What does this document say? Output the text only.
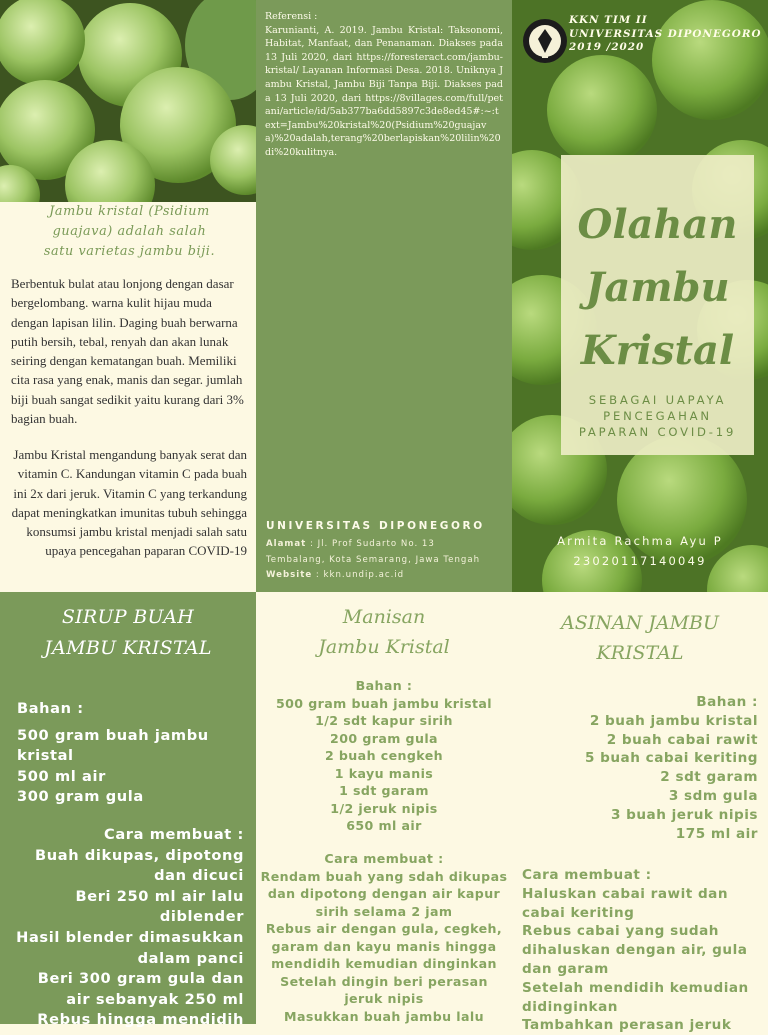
Jambu kristal (Psidium
guajava) adalah salah
satu varietas jambu biji.
Berbentuk bulat atau lonjong dengan dasar bergelombang. warna kulit hijau muda dengan lapisan lilin. Daging buah berwarna putih bersih, tebal, renyah dan akan lunak seiring dengan kematangan buah. Memiliki cita rasa yang enak, manis dan segar. jumlah biji buah sangat sedikit yaitu kurang dari 3% bagian buah.
Jambu Kristal mengandung banyak serat dan vitamin C. Kandungan vitamin C pada buah ini 2x dari jeruk. Vitamin C yang terkandung dapat meningkatkan imunitas tubuh sehingga konsumsi jambu kristal menjadi salah satu upaya pencegahan paparan COVID-19
Referensi :
Karunianti, A. 2019. Jambu Kristal: Taksonomi, Habitat, Manfaat, dan Penanaman. Diakses pada 13 Juli 2020, dari https://foresteract.com/jambu-kristal/ Layanan Informasi Desa. 2018. Uniknya Jambu Kristal, Jambu Biji Tanpa Biji. Diakses pada 13 Juli 2020, dari https://8villages.com/full/petani/article/id/5ab377ba6dd5897c3de8ed45#:~:text=Jambu%20kristal%20(Psidium%20guajava)%20adalah,terang%20berlapiskan%20lilin%20di%20kulitnya.
UNIVERSITAS DIPONEGORO
Alamat : Jl. Prof Sudarto No. 13
Tembalang, Kota Semarang, Jawa Tengah
Website : kkn.undip.ac.id
KKN TIM II
UNIVERSITAS DIPONEGORO
2019 /2020
Olahan
Jambu
Kristal
SEBAGAI UAPAYA
PENCEGAHAN
PAPARAN COVID-19
Armita Rachma Ayu P
23020117140049
SIRUP BUAH
JAMBU KRISTAL
Bahan :
500 gram buah jambu kristal
500 ml air
300 gram gula
Cara membuat :
Buah dikupas, dipotong dan dicuci
Beri 250 ml air lalu diblender
Hasil blender dimasukkan dalam panci
Beri 300 gram gula dan air sebanyak 250 ml
Rebus hingga mendidih
Manisan
Jambu Kristal
Bahan :
500 gram buah jambu kristal
1/2 sdt kapur sirih
200 gram gula
2 buah cengkeh
1 kayu manis
1 sdt garam
1/2 jeruk nipis
650 ml air
Cara membuat :
Rendam buah yang sdah dikupas dan dipotong dengan air kapur sirih selama 2 jam
Rebus air dengan gula, cegkeh, garam dan kayu manis hingga mendidih kemudian dinginkan
Setelah dingin beri perasan jeruk nipis
Masukkan buah jambu lalu
ASINAN JAMBU
KRISTAL
Bahan :
2 buah jambu kristal
2 buah cabai rawit
5 buah cabai keriting
2 sdt garam
3 sdm gula
3 buah jeruk nipis
175 ml air
Cara membuat :
Haluskan cabai rawit dan cabai keriting
Rebus cabai yang sudah dihaluskan dengan air, gula dan garam
Setelah mendidih kemudian didinginkan
Tambahkan perasan jeruk
